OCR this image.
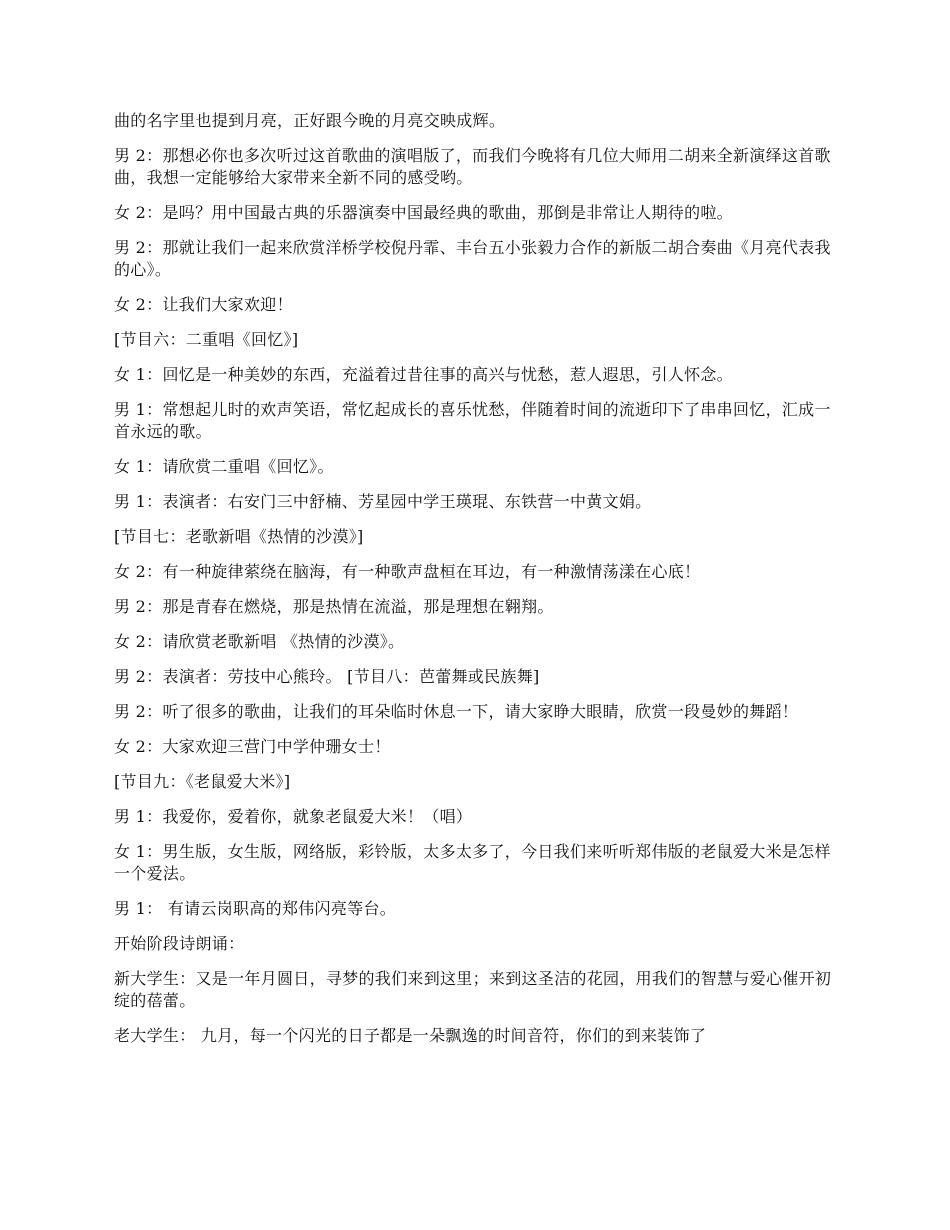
曲的名字里也提到月亮，正好跟今晚的月亮交映成辉。

男 2：那想必你也多次听过这首歌曲的演唱版了，而我们今晚将有几位大师用二胡来全新演绎这首歌曲，我想一定能够给大家带来全新不同的感受哟。

女 2：是吗？用中国最古典的乐器演奏中国最经典的歌曲，那倒是非常让人期待的啦。

男 2：那就让我们一起来欣赏洋桥学校倪丹霏、丰台五小张毅力合作的新版二胡合奏曲《月亮代表我的心》。

女 2：让我们大家欢迎！

[节目六：二重唱《回忆》]

女 1：回忆是一种美妙的东西，充溢着过昔往事的高兴与忧愁，惹人遐思，引人怀念。

男 1：常想起儿时的欢声笑语，常忆起成长的喜乐忧愁，伴随着时间的流逝印下了串串回忆，汇成一首永远的歌。

女 1：请欣赏二重唱《回忆》。

男 1：表演者：右安门三中舒楠、芳星园中学王瑛琨、东铁营一中黄文娟。

[节目七：老歌新唱《热情的沙漠》]

女 2：有一种旋律萦绕在脑海，有一种歌声盘桓在耳边，有一种激情荡漾在心底！

男 2：那是青春在燃烧，那是热情在流溢，那是理想在翱翔。

女 2：请欣赏老歌新唱 《热情的沙漠》。

男 2：表演者：劳技中心熊玲。 [节目八：芭蕾舞或民族舞]

男 2：听了很多的歌曲，让我们的耳朵临时休息一下，请大家睁大眼睛，欣赏一段曼妙的舞蹈！

女 2：大家欢迎三营门中学仲珊女士！

[节目九：《老鼠爱大米》]

男 1：我爱你，爱着你，就象老鼠爱大米！（唱）

女 1：男生版，女生版，网络版，彩铃版，太多太多了，今日我们来听听郑伟版的老鼠爱大米是怎样一个爱法。

男 1： 有请云岗职高的郑伟闪亮等台。

开始阶段诗朗诵：

新大学生：又是一年月圆日，寻梦的我们来到这里；来到这圣洁的花园，用我们的智慧与爱心催开初绽的蓓蕾。

老大学生： 九月，每一个闪光的日子都是一朵飘逸的时间音符，你们的到来装饰了
